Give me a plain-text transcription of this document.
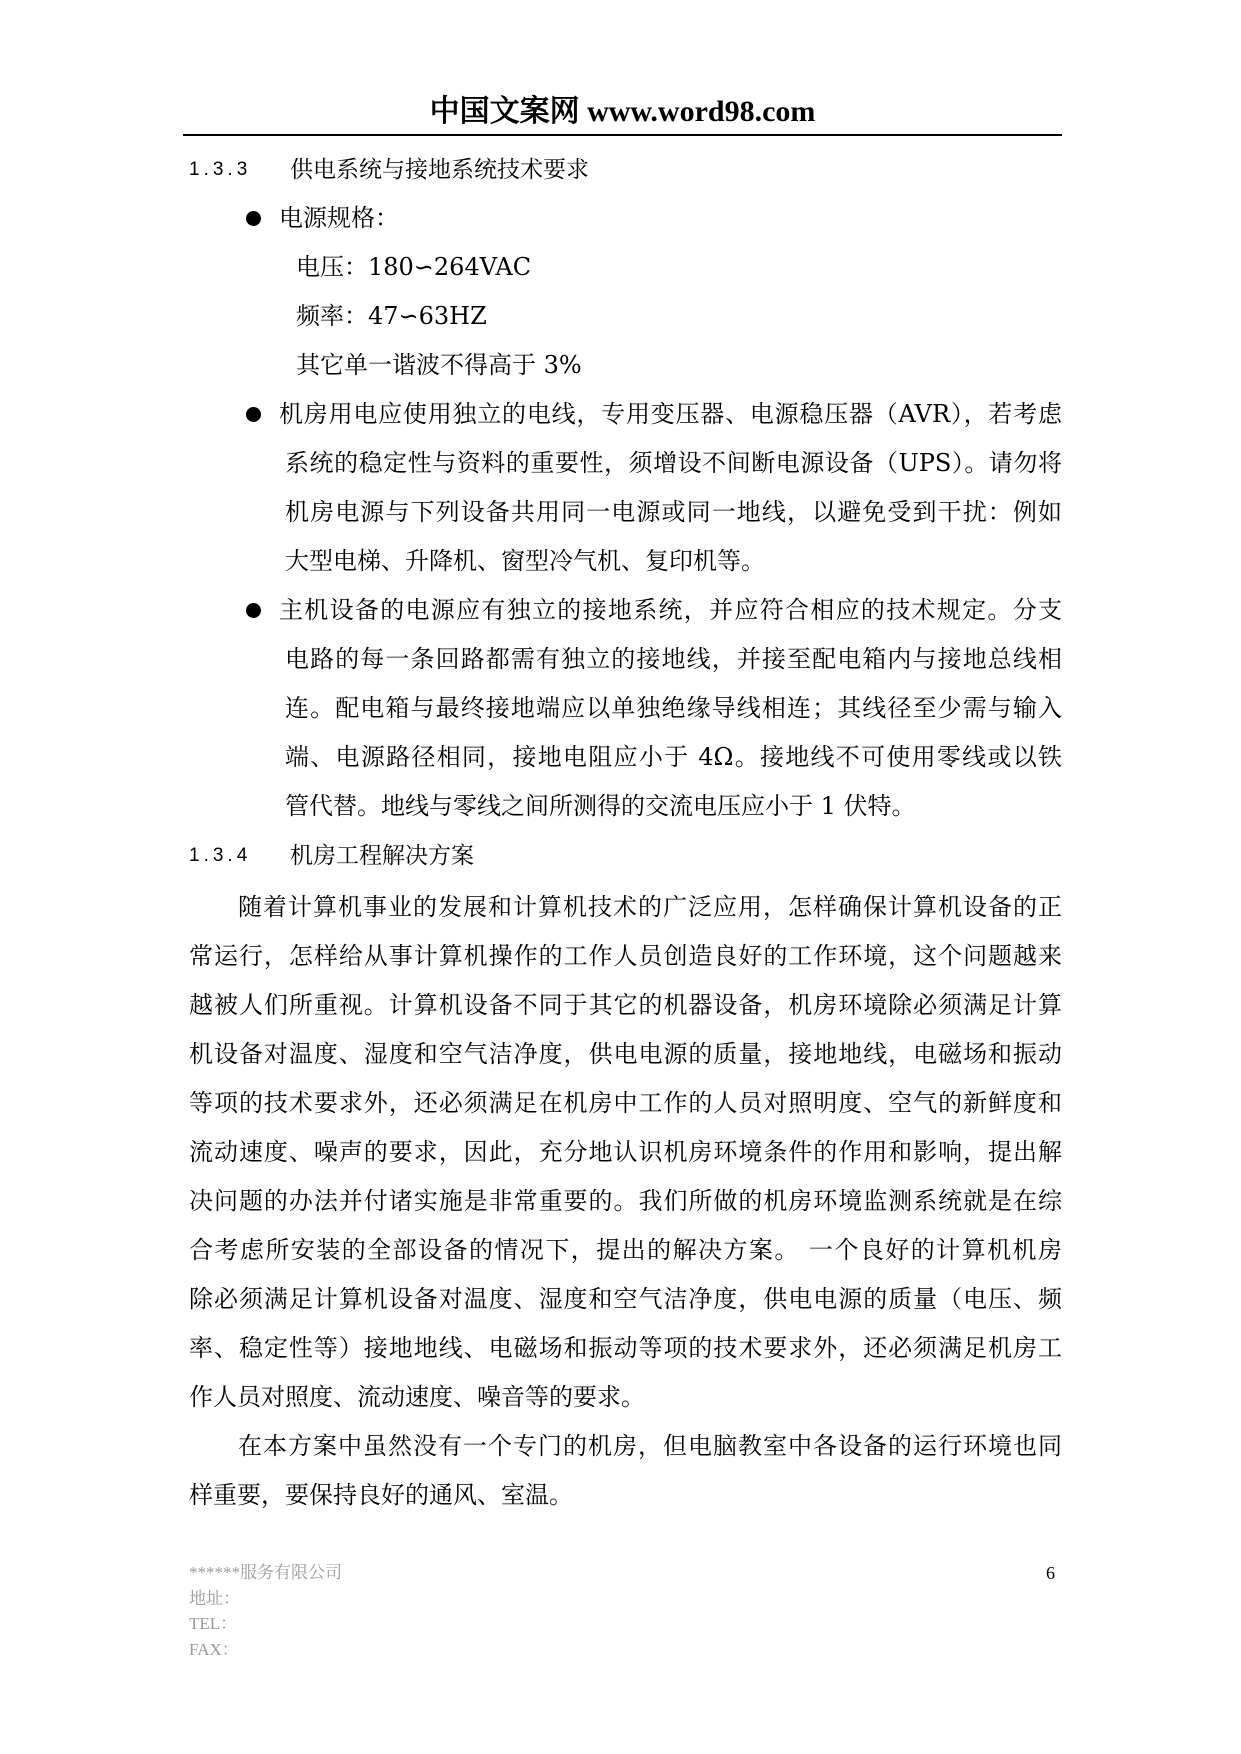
中国文案网 www.word98.com
1.3.3 供电系统与接地系统技术要求
电源规格：
电压：180∽264VAC
频率：47∽63HZ
其它单一谐波不得高于 3%
机房用电应使用独立的电线，专用变压器、电源稳压器（AVR），若考虑
系统的稳定性与资料的重要性，须增设不间断电源设备（UPS）。请勿将
机房电源与下列设备共用同一电源或同一地线，以避免受到干扰：例如
大型电梯、升降机、窗型冷气机、复印机等。
主机设备的电源应有独立的接地系统，并应符合相应的技术规定。分支
电路的每一条回路都需有独立的接地线，并接至配电箱内与接地总线相
连。配电箱与最终接地端应以单独绝缘导线相连；其线径至少需与输入
端、电源路径相同，接地电阻应小于 4Ω。接地线不可使用零线或以铁
管代替。地线与零线之间所测得的交流电压应小于 1 伏特。
1.3.4 机房工程解决方案
随着计算机事业的发展和计算机技术的广泛应用，怎样确保计算机设备的正
常运行，怎样给从事计算机操作的工作人员创造良好的工作环境，这个问题越来
越被人们所重视。计算机设备不同于其它的机器设备，机房环境除必须满足计算
机设备对温度、湿度和空气洁净度，供电电源的质量，接地地线，电磁场和振动
等项的技术要求外，还必须满足在机房中工作的人员对照明度、空气的新鲜度和
流动速度、噪声的要求，因此，充分地认识机房环境条件的作用和影响，提出解
决问题的办法并付诸实施是非常重要的。我们所做的机房环境监测系统就是在综
合考虑所安装的全部设备的情况下，提出的解决方案。 一个良好的计算机机房
除必须满足计算机设备对温度、湿度和空气洁净度，供电电源的质量（电压、频
率、稳定性等）接地地线、电磁场和振动等项的技术要求外，还必须满足机房工
作人员对照度、流动速度、噪音等的要求。
在本方案中虽然没有一个专门的机房，但电脑教室中各设备的运行环境也同
样重要，要保持良好的通风、室温。
******服务有限公司
地址：
TEL：
FAX：
6
